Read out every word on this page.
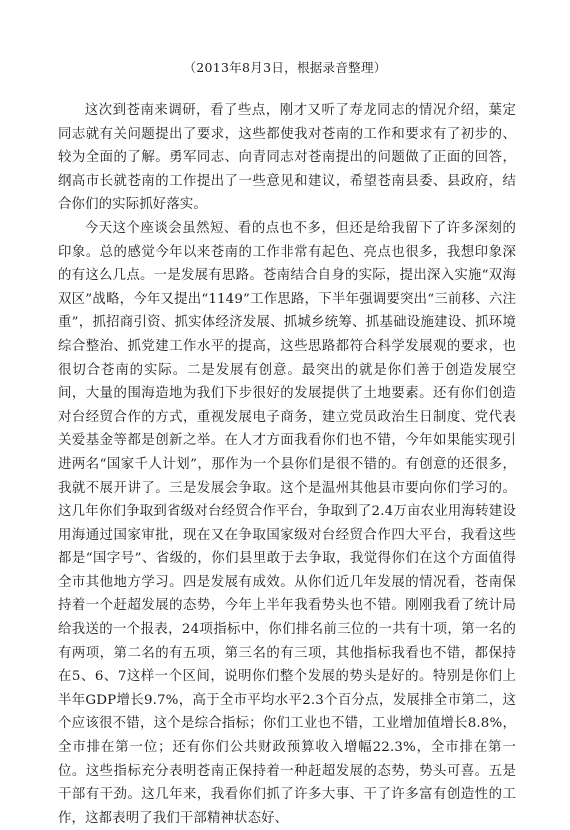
（2013年8月3日，根据录音整理）

这次到苍南来调研，看了些点，刚才又听了寿龙同志的情况介绍，葉定同志就有关问题提出了要求，这些都使我对苍南的工作和要求有了初步的、较为全面的了解。勇军同志、向青同志对苍南提出的问题做了正面的回答，纲高市长就苍南的工作提出了一些意见和建议，希望苍南县委、县政府，结合你们的实际抓好落实。

今天这个座谈会虽然短、看的点也不多，但还是给我留下了许多深刻的印象。总的感觉今年以来苍南的工作非常有起色、亮点也很多，我想印象深的有这么几点。一是发展有思路。苍南结合自身的实际，提出深入实施“双海双区”战略，今年又提出“1149”工作思路，下半年强调要突出“三前移、六注重”，抓招商引资、抓实体经济发展、抓城乡统筹、抓基础设施建设、抓环境综合整治、抓党建工作水平的提高，这些思路都符合科学发展观的要求，也很切合苍南的实际。二是发展有创意。最突出的就是你们善于创造发展空间，大量的围海造地为我们下步很好的发展提供了土地要素。还有你们创造对台经贸合作的方式，重视发展电子商务，建立党员政治生日制度、党代表关爱基金等都是创新之举。在人才方面我看你们也不错，今年如果能实现引进两名“国家千人计划”，那作为一个县你们是很不错的。有创意的还很多，我就不展开讲了。三是发展会争取。这个是温州其他县市要向你们学习的。这几年你们争取到省级对台经贸合作平台，争取到了2.4万亩农业用海转建设用海通过国家审批，现在又在争取国家级对台经贸合作四大平台，我看这些都是“国字号”、省级的，你们县里敢于去争取，我觉得你们在这个方面值得全市其他地方学习。四是发展有成效。从你们近几年发展的情况看，苍南保持着一个赶超发展的态势，今年上半年我看势头也不错。刚刚我看了统计局给我送的一个报表，24项指标中，你们排名前三位的一共有十项，第一名的有两项，第二名的有五项，第三名的有三项，其他指标我看也不错，都保持在5、6、7这样一个区间，说明你们整个发展的势头是好的。特别是你们上半年GDP增长9.7%，高于全市平均水平2.3个百分点，发展排全市第二，这个应该很不错，这个是综合指标；你们工业也不错，工业增加值增长8.8%，全市排在第一位；还有你们公共财政预算收入增幅22.3%，全市排在第一位。这些指标充分表明苍南正保持着一种赶超发展的态势，势头可喜。五是干部有干劲。这几年来，我看你们抓了许多大事、干了许多富有创造性的工作，这都表明了我们干部精神状态好、
